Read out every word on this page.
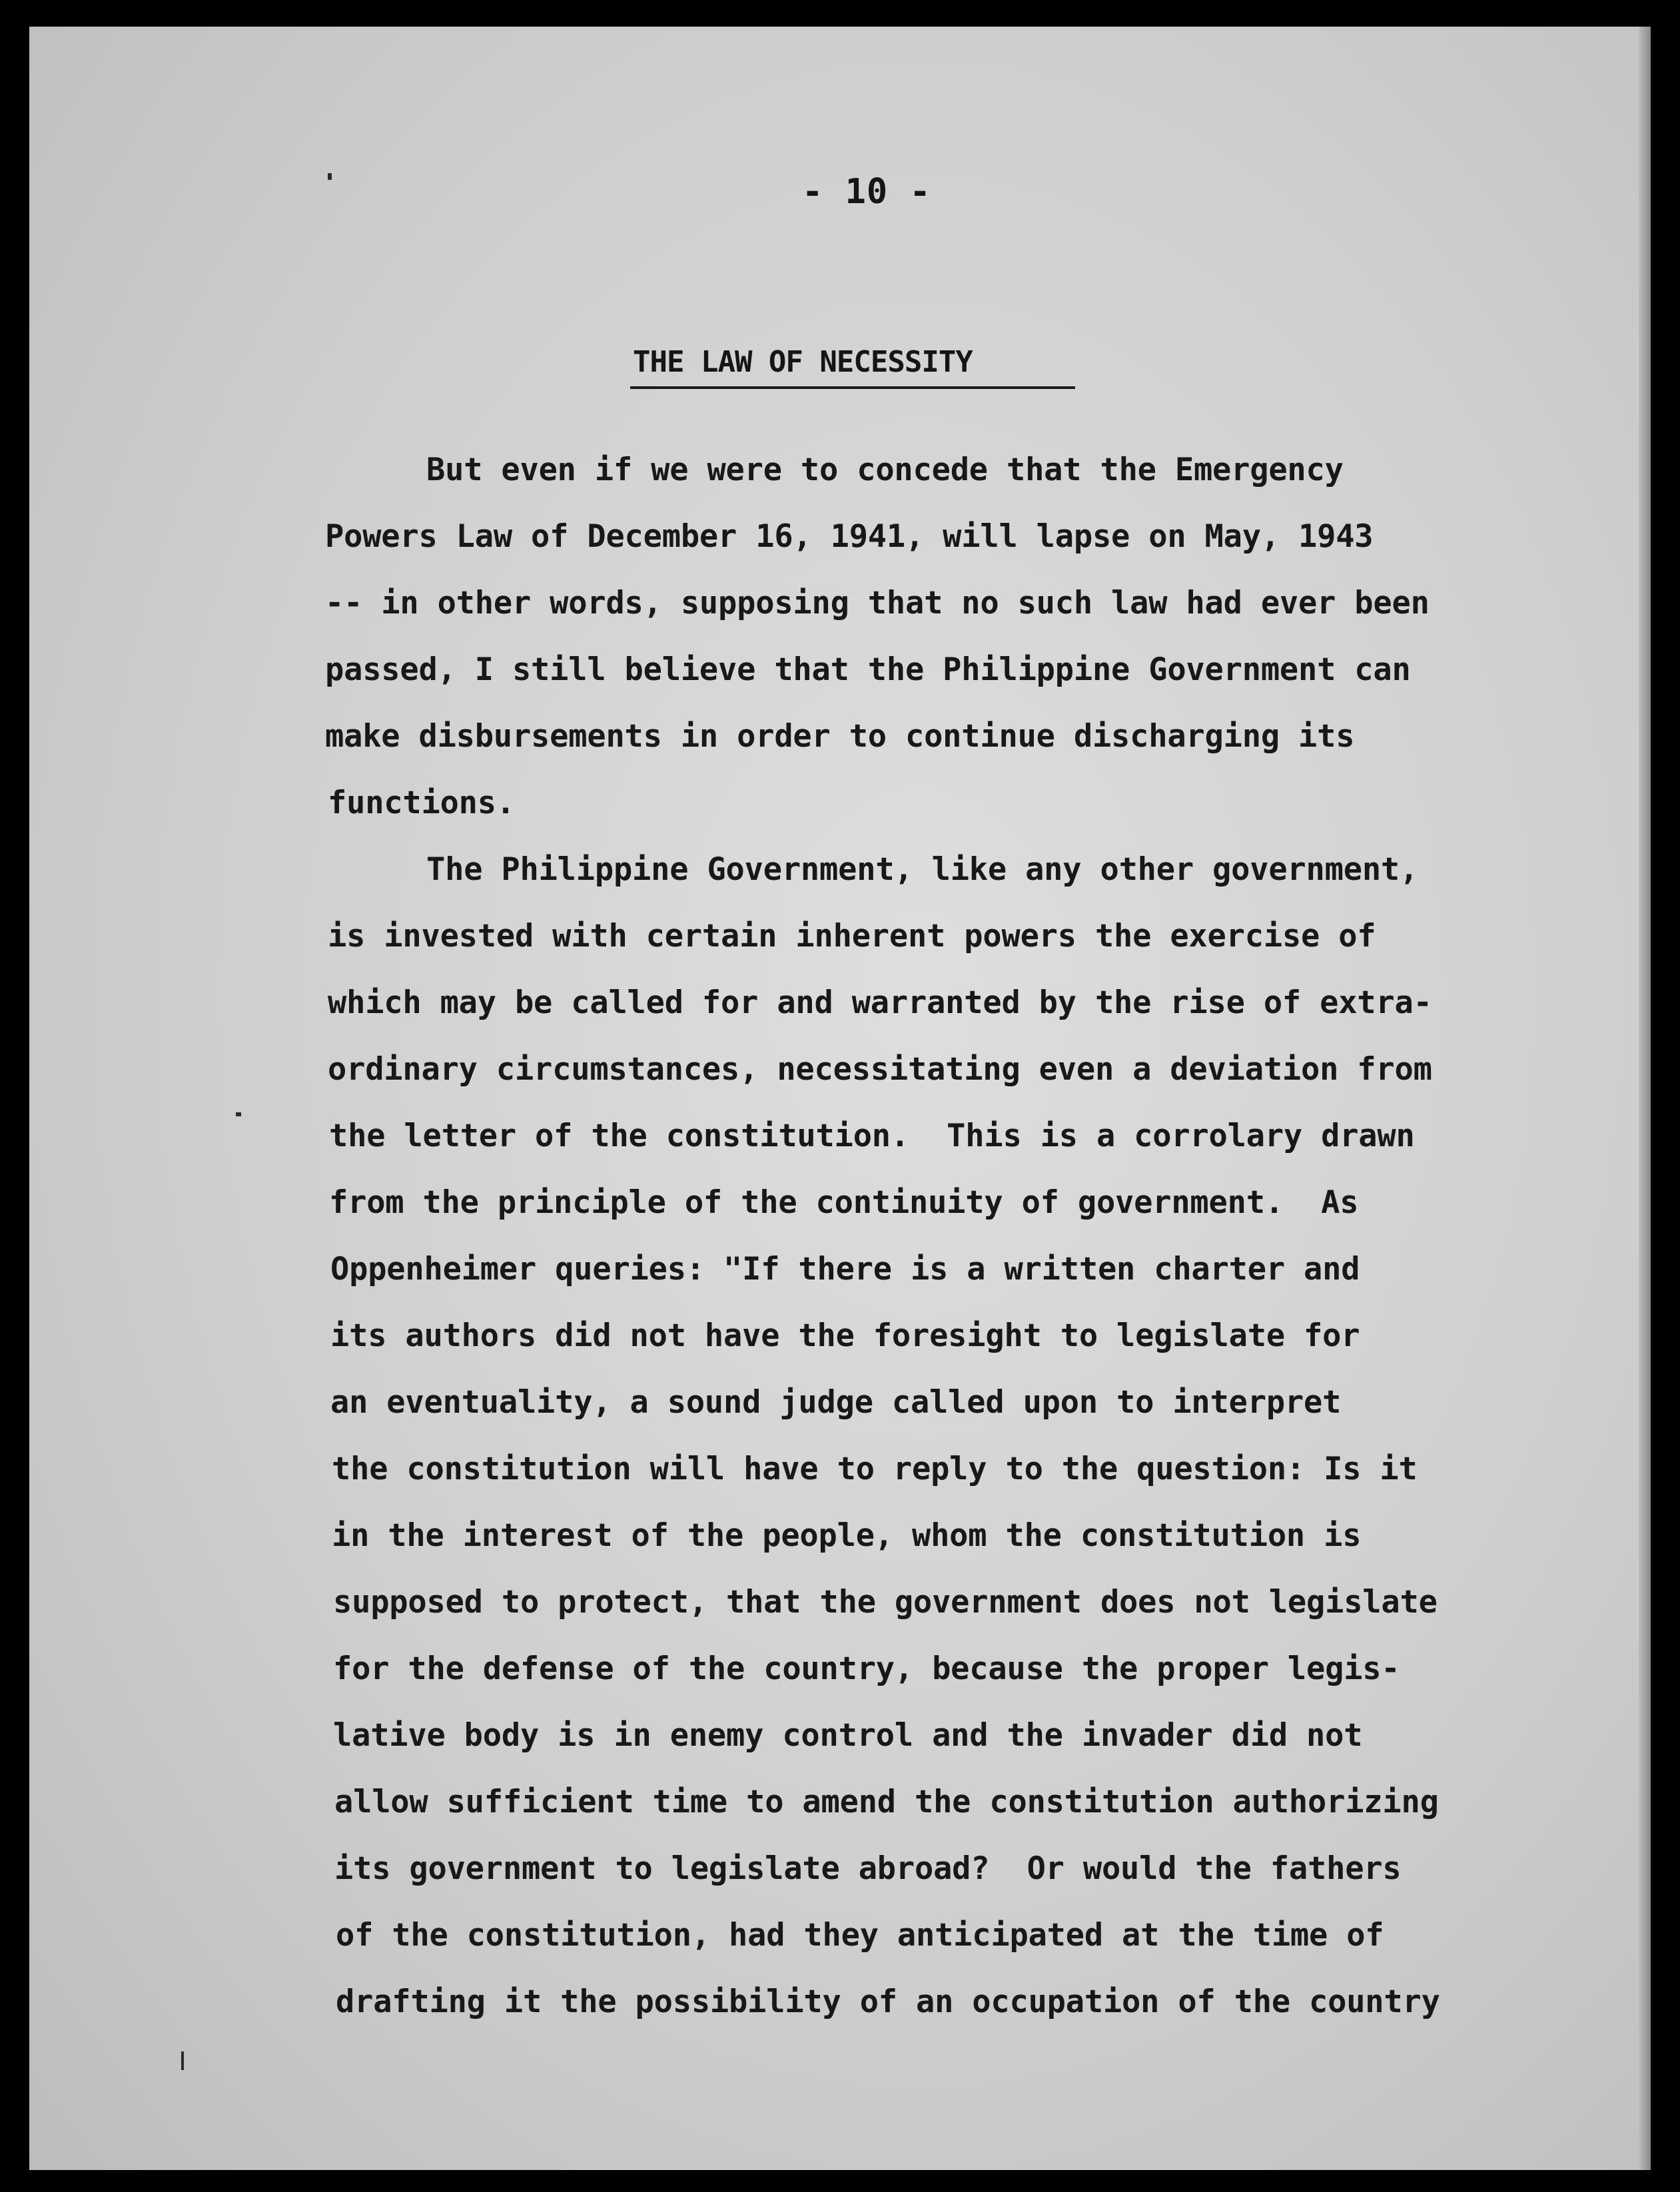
- 10 -
THE LAW OF NECESSITY
But even if we were to concede that the Emergency
Powers Law of December 16, 1941, will lapse on May, 1943
-- in other words, supposing that no such law had ever been
passed, I still believe that the Philippine Government can
make disbursements in order to continue discharging its
functions.
The Philippine Government, like any other government,
is invested with certain inherent powers the exercise of
which may be called for and warranted by the rise of extra-
ordinary circumstances, necessitating even a deviation from
the letter of the constitution.  This is a corrolary drawn
from the principle of the continuity of government.  As
Oppenheimer queries: "If there is a written charter and
its authors did not have the foresight to legislate for
an eventuality, a sound judge called upon to interpret
the constitution will have to reply to the question: Is it
in the interest of the people, whom the constitution is
supposed to protect, that the government does not legislate
for the defense of the country, because the proper legis-
lative body is in enemy control and the invader did not
allow sufficient time to amend the constitution authorizing
its government to legislate abroad?  Or would the fathers
of the constitution, had they anticipated at the time of
drafting it the possibility of an occupation of the country
